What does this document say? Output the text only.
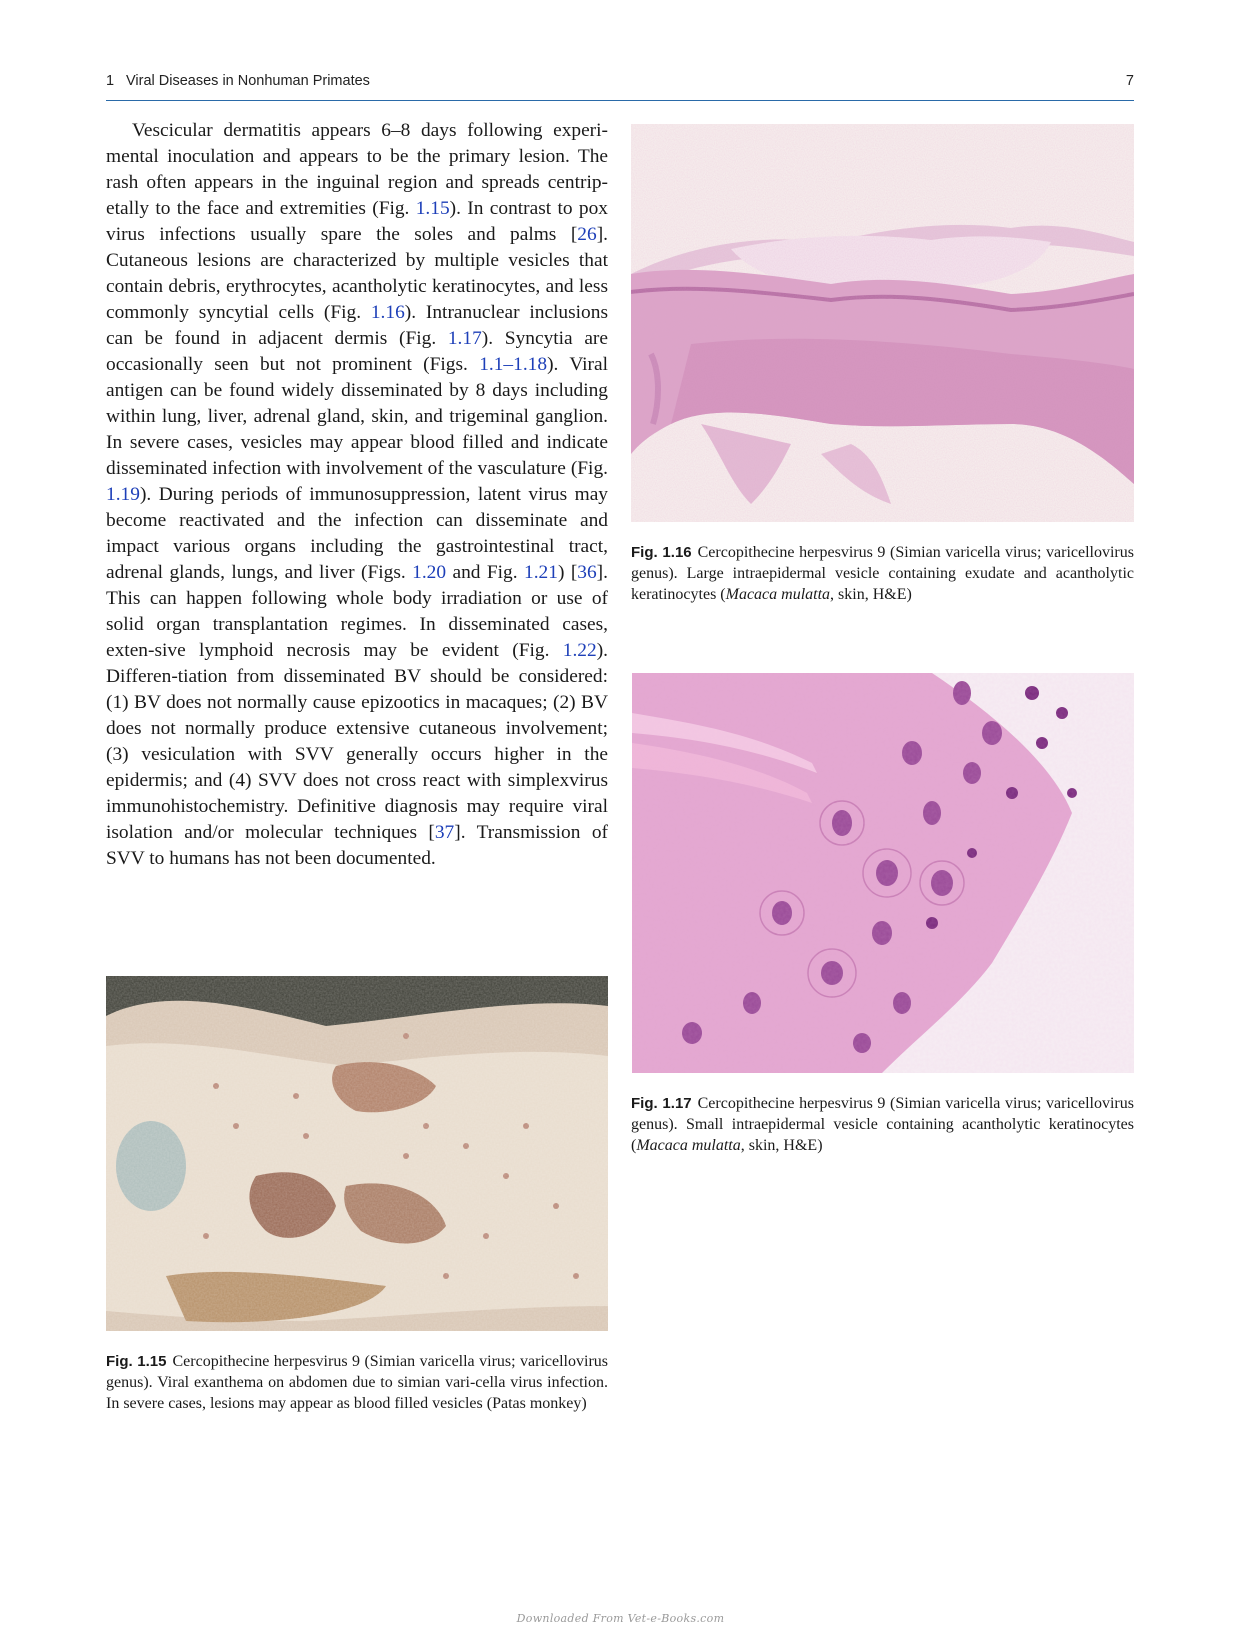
1 Viral Diseases in Nonhuman Primates	7

Vescicular dermatitis appears 6–8 days following experi-mental inoculation and appears to be the primary lesion. The rash often appears in the inguinal region and spreads centrip-etally to the face and extremities (Fig. 1.15). In contrast to pox virus infections usually spare the soles and palms [26]. Cutaneous lesions are characterized by multiple vesicles that contain debris, erythrocytes, acantholytic keratinocytes, and less commonly syncytial cells (Fig. 1.16). Intranuclear inclusions can be found in adjacent dermis (Fig. 1.17). Syncytia are occasionally seen but not prominent (Figs. 1.1–1.18). Viral antigen can be found widely disseminated by 8 days including within lung, liver, adrenal gland, skin, and trigeminal ganglion. In severe cases, vesicles may appear blood filled and indicate disseminated infection with involvement of the vasculature (Fig. 1.19). During periods of immunosuppression, latent virus may become reactivated and the infection can disseminate and impact various organs including the gastrointestinal tract, adrenal glands, lungs, and liver (Figs. 1.20 and Fig. 1.21) [36]. This can happen following whole body irradiation or use of solid organ transplantation regimes. In disseminated cases, exten-sive lymphoid necrosis may be evident (Fig. 1.22). Differen-tiation from disseminated BV should be considered: (1) BV does not normally cause epizootics in macaques; (2) BV does not normally produce extensive cutaneous involvement; (3) vesiculation with SVV generally occurs higher in the epidermis; and (4) SVV does not cross react with simplexvirus immunohistochemistry. Definitive diagnosis may require viral isolation and/or molecular techniques [37]. Transmission of SVV to humans has not been documented.

Fig. 1.16 Cercopithecine herpesvirus 9 (Simian varicella virus; varicellovirus genus). Large intraepidermal vesicle containing exudate and acantholytic keratinocytes (Macaca mulatta, skin, H&E)
Fig. 1.17 Cercopithecine herpesvirus 9 (Simian varicella virus; varicellovirus genus). Small intraepidermal vesicle containing acantholytic keratinocytes (Macaca mulatta, skin, H&E)
Fig. 1.15 Cercopithecine herpesvirus 9 (Simian varicella virus; varicellovirus genus). Viral exanthema on abdomen due to simian vari-cella virus infection. In severe cases, lesions may appear as blood filled vesicles (Patas monkey)
Downloaded From Vet-e-Books.com
